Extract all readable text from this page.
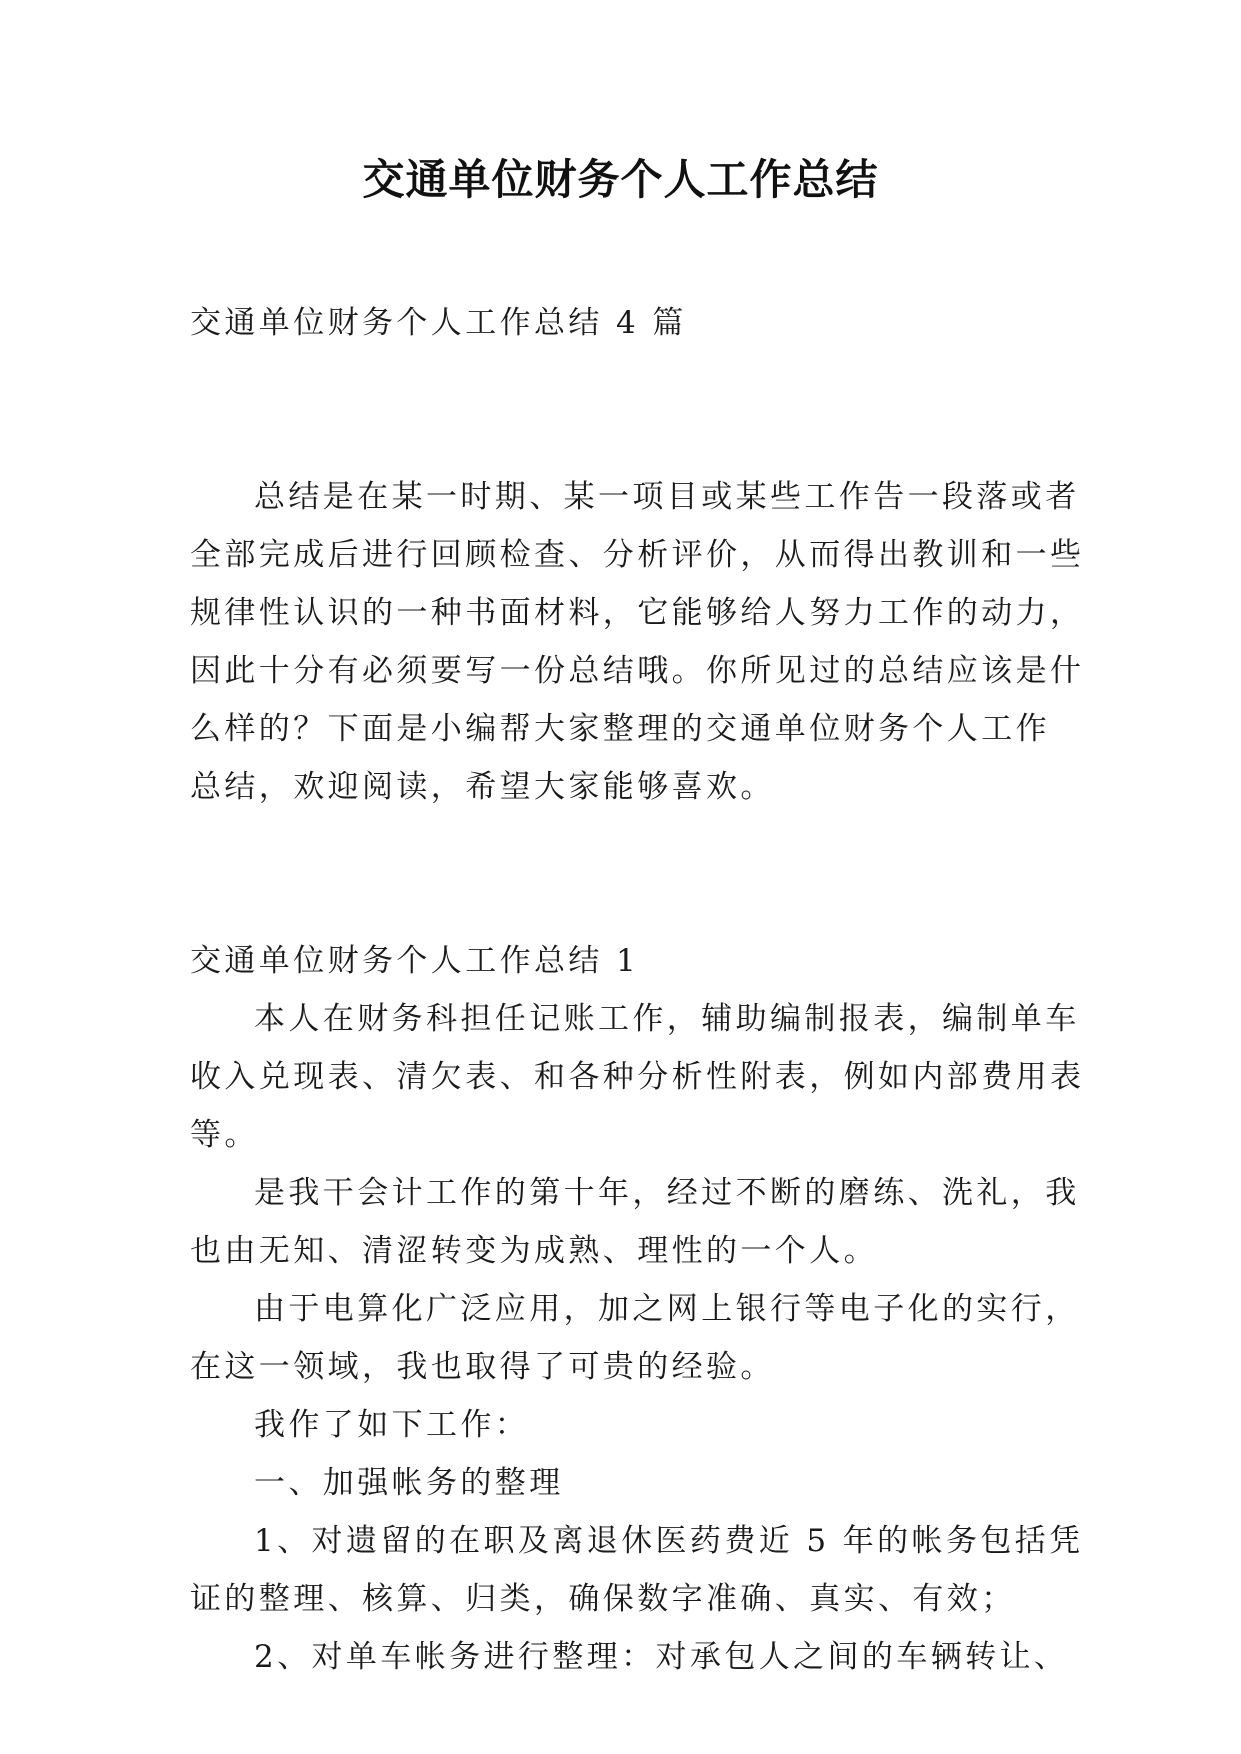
交通单位财务个人工作总结

交通单位财务个人工作总结 4 篇

总结是在某一时期、某一项目或某些工作告一段落或者

全部完成后进行回顾检查、分析评价，从而得出教训和一些

规律性认识的一种书面材料，它能够给人努力工作的动力，

因此十分有必须要写一份总结哦。你所见过的总结应该是什

么样的？下面是小编帮大家整理的交通单位财务个人工作

总结，欢迎阅读，希望大家能够喜欢。

交通单位财务个人工作总结 1

本人在财务科担任记账工作，辅助编制报表，编制单车

收入兑现表、清欠表、和各种分析性附表，例如内部费用表

等。

是我干会计工作的第十年，经过不断的磨练、洗礼，我

也由无知、清涩转变为成熟、理性的一个人。

由于电算化广泛应用，加之网上银行等电子化的实行，

在这一领域，我也取得了可贵的经验。

我作了如下工作：

一、加强帐务的整理

1、对遗留的在职及离退休医药费近 5 年的帐务包括凭

证的整理、核算、归类，确保数字准确、真实、有效；

2、对单车帐务进行整理：对承包人之间的车辆转让、
